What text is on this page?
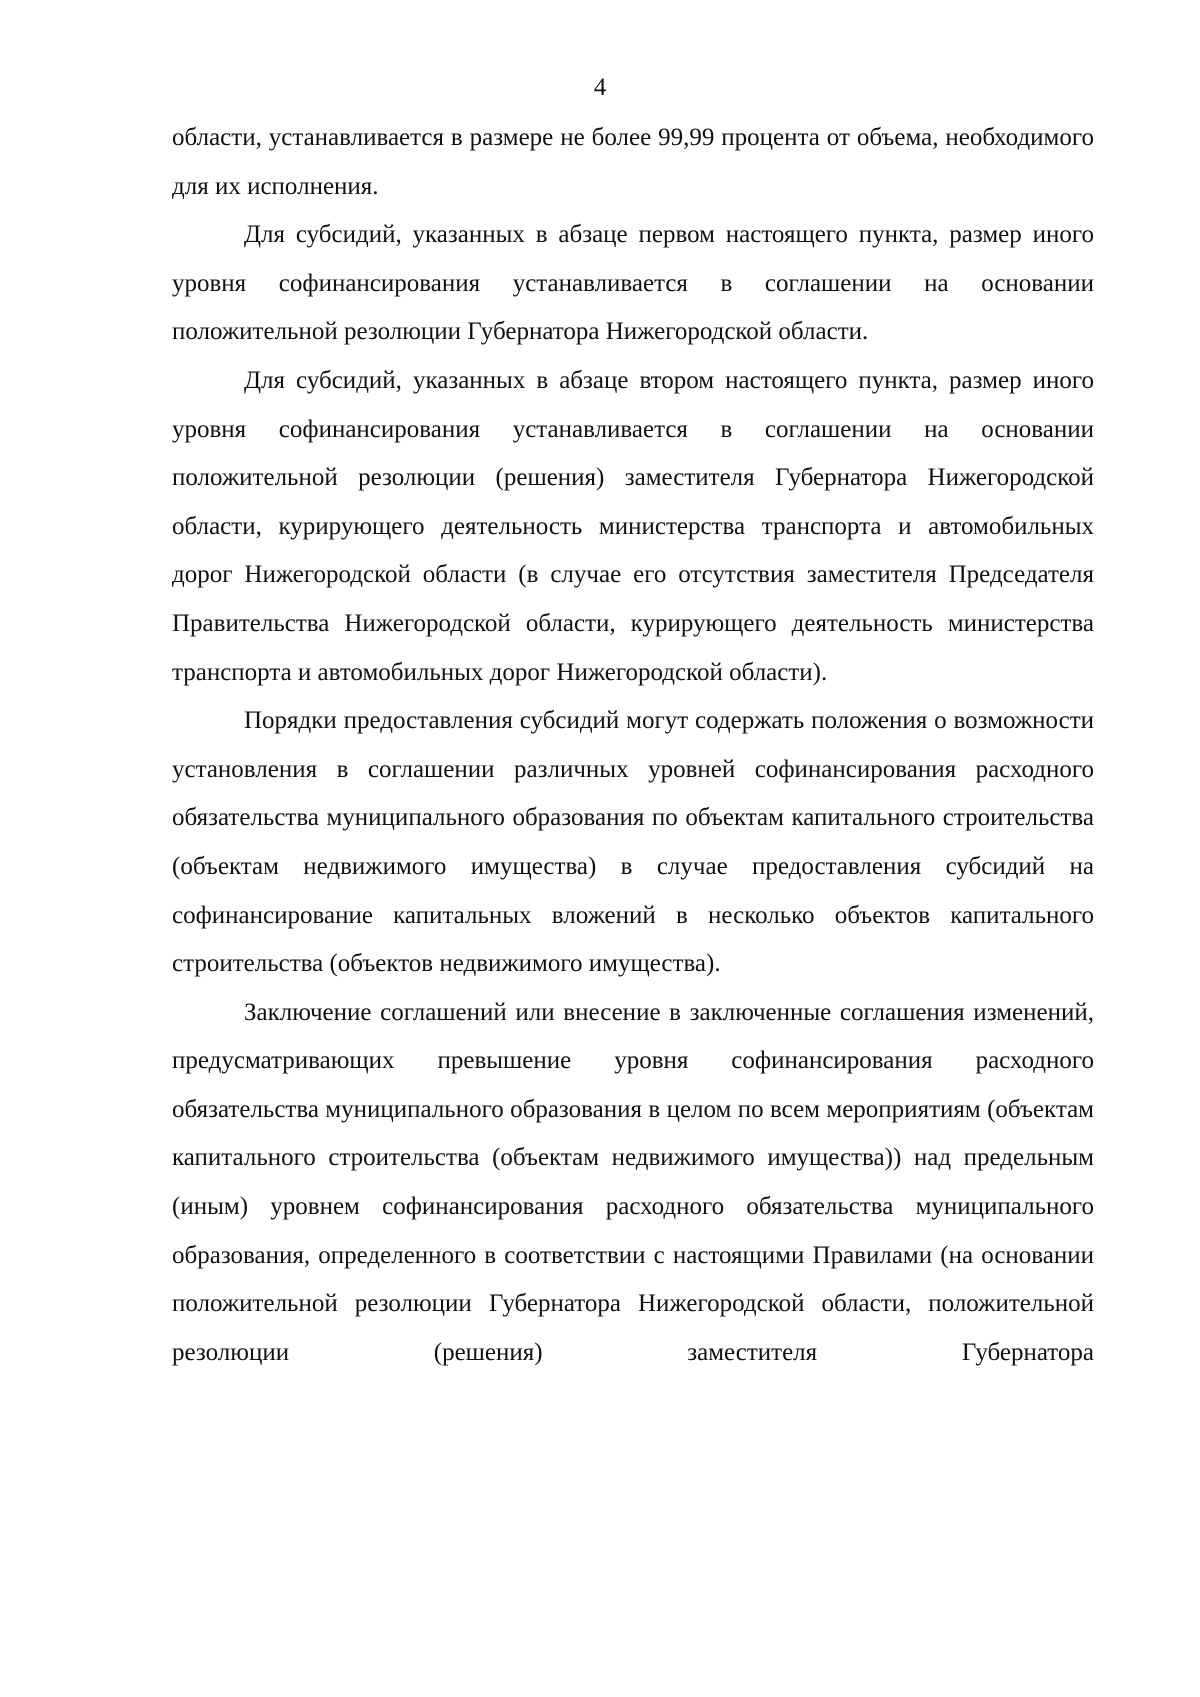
4

области, устанавливается в размере не более 99,99 процента от объема, необходимого для их исполнения.

Для субсидий, указанных в абзаце первом настоящего пункта, размер иного уровня софинансирования устанавливается в соглашении на основании положительной резолюции Губернатора Нижегородской области.

Для субсидий, указанных в абзаце втором настоящего пункта, размер иного уровня софинансирования устанавливается в соглашении на основании положительной резолюции (решения) заместителя Губернатора Нижегородской области, курирующего деятельность министерства транспорта и автомобильных дорог Нижегородской области (в случае его отсутствия заместителя Председателя Правительства Нижегородской области, курирующего деятельность министерства транспорта и автомобильных дорог Нижегородской области).

Порядки предоставления субсидий могут содержать положения о возможности установления в соглашении различных уровней софинансирования расходного обязательства муниципального образования по объектам капитального строительства (объектам недвижимого имущества) в случае предоставления субсидий на софинансирование капитальных вложений в несколько объектов капитального строительства (объектов недвижимого имущества).

Заключение соглашений или внесение в заключенные соглашения изменений, предусматривающих превышение уровня софинансирования расходного обязательства муниципального образования в целом по всем мероприятиям (объектам капитального строительства (объектам недвижимого имущества)) над предельным (иным) уровнем софинансирования расходного обязательства муниципального образования, определенного в соответствии с настоящими Правилами (на основании положительной резолюции Губернатора Нижегородской области, положительной резолюции (решения) заместителя Губернатора
